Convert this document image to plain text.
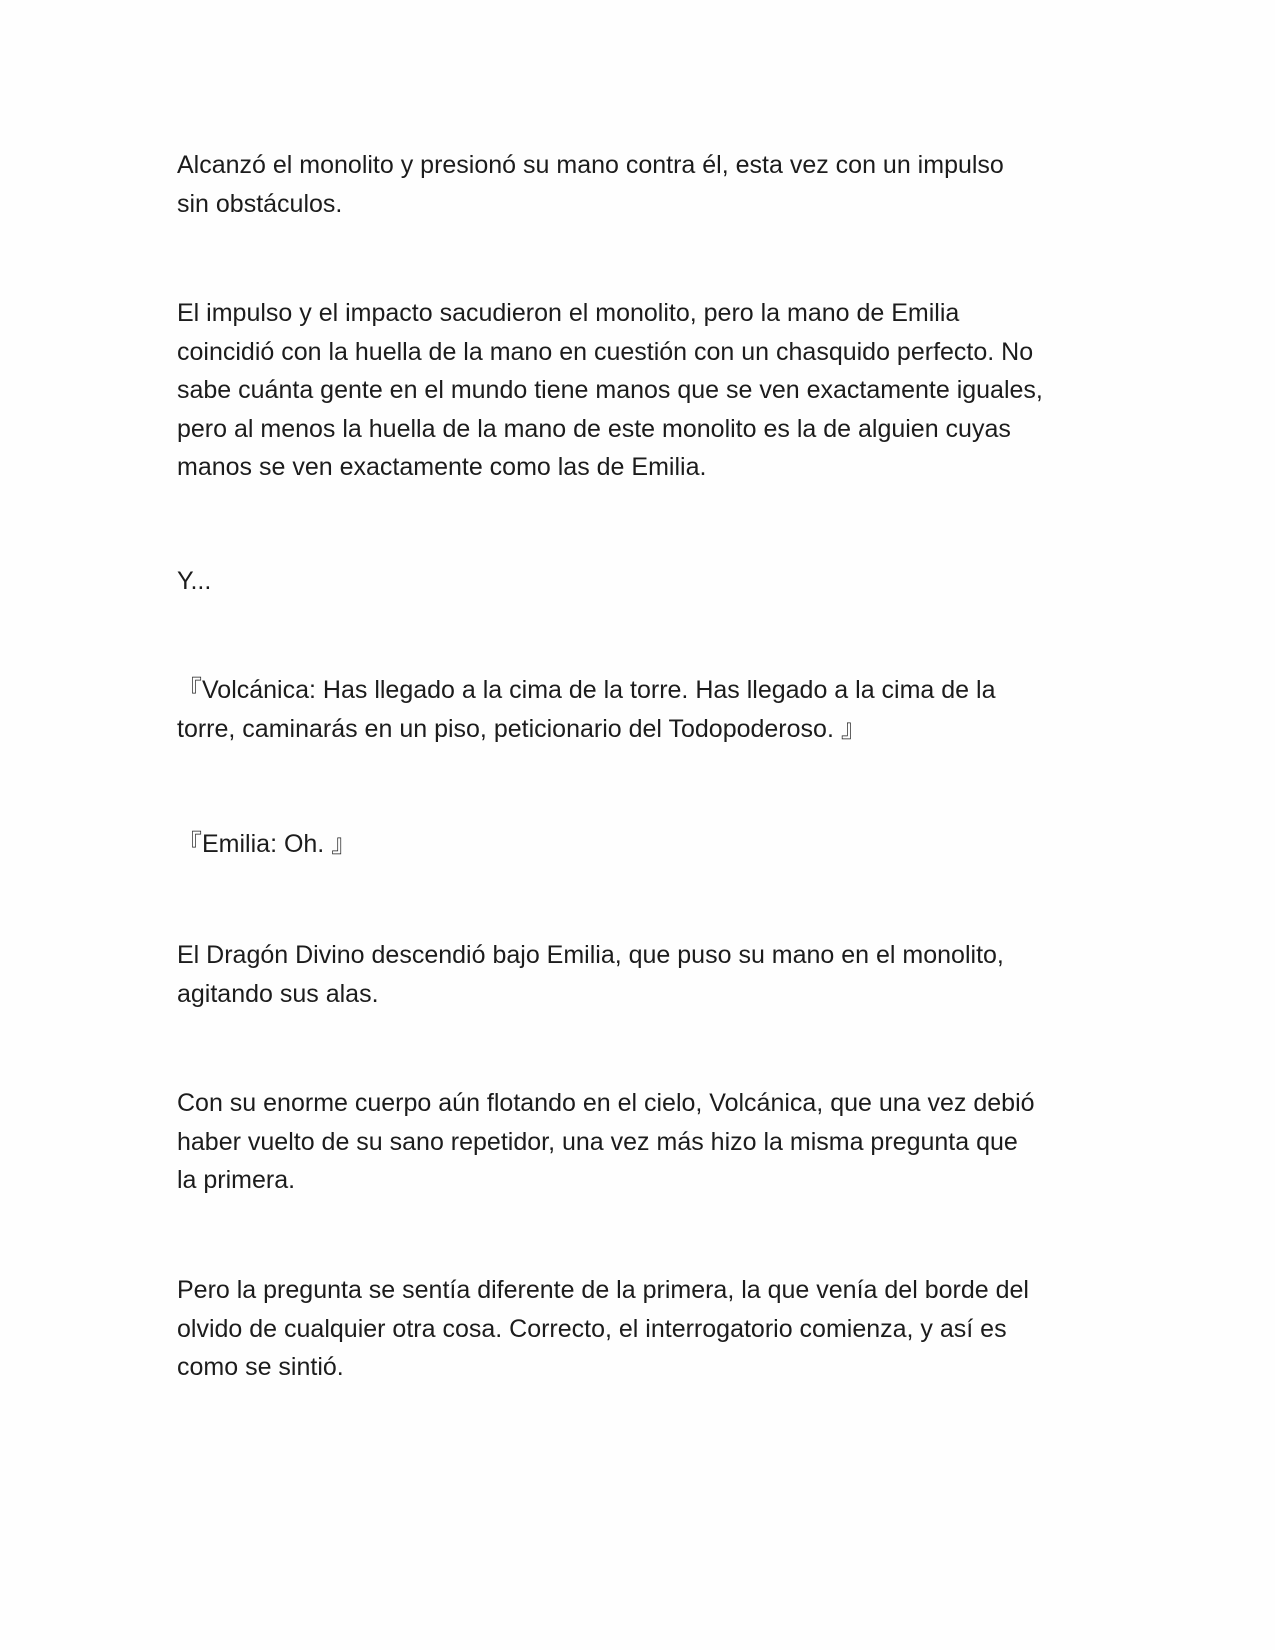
Alcanzó el monolito y presionó su mano contra él, esta vez con un impulso
sin obstáculos.
El impulso y el impacto sacudieron el monolito, pero la mano de Emilia
coincidió con la huella de la mano en cuestión con un chasquido perfecto. No
sabe cuánta gente en el mundo tiene manos que se ven exactamente iguales,
pero al menos la huella de la mano de este monolito es la de alguien cuyas
manos se ven exactamente como las de Emilia.
Y...
『Volcánica: Has llegado a la cima de la torre. Has llegado a la cima de la
torre, caminarás en un piso, peticionario del Todopoderoso. 』
『Emilia: Oh. 』
El Dragón Divino descendió bajo Emilia, que puso su mano en el monolito,
agitando sus alas.
Con su enorme cuerpo aún flotando en el cielo, Volcánica, que una vez debió
haber vuelto de su sano repetidor, una vez más hizo la misma pregunta que
la primera.
Pero la pregunta se sentía diferente de la primera, la que venía del borde del
olvido de cualquier otra cosa. Correcto, el interrogatorio comienza, y así es
como se sintió.
